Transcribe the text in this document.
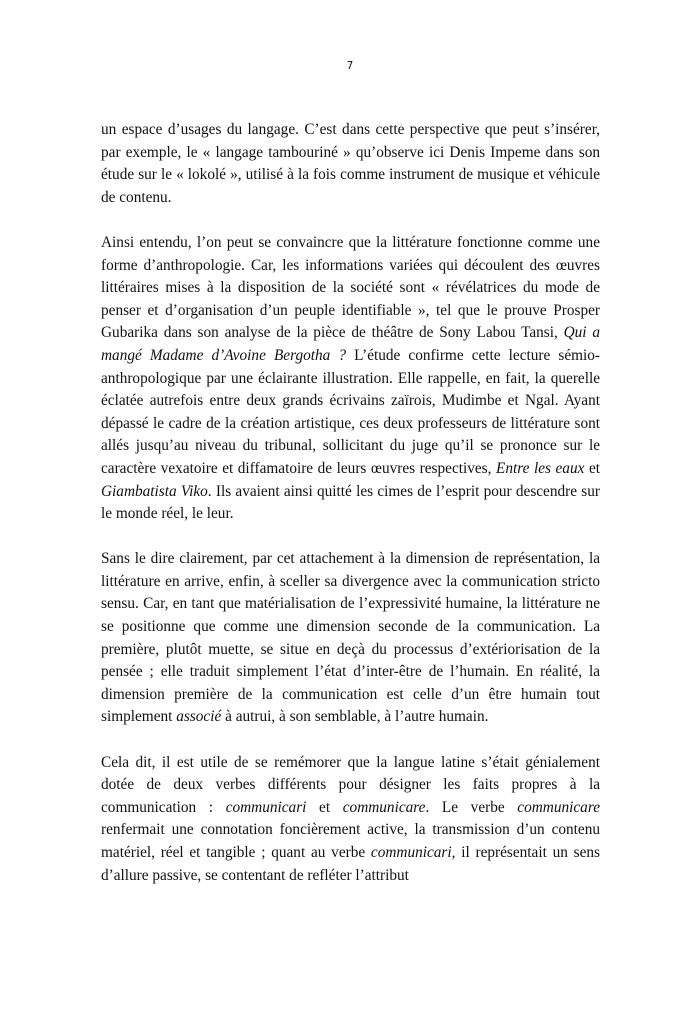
7

un espace d’usages du langage. C’est dans cette perspective que peut s’insérer, par exemple, le « langage tambouriné » qu’observe ici Denis Impeme dans son étude sur le « lokolé », utilisé à la fois comme instrument de musique et véhicule de contenu.

Ainsi entendu, l’on peut se convaincre que la littérature fonctionne comme une forme d’anthropologie. Car, les informations variées qui découlent des œuvres littéraires mises à la disposition de la société sont « révélatrices du mode de penser et d’organisation d’un peuple identifiable », tel que le prouve Prosper Gubarika dans son analyse de la pièce de théâtre de Sony Labou Tansi, Qui a mangé Madame d’Avoine Bergotha ? L’étude confirme cette lecture sémio-anthropologique par une éclairante illustration. Elle rappelle, en fait, la querelle éclatée autrefois entre deux grands écrivains zaïrois, Mudimbe et Ngal. Ayant dépassé le cadre de la création artistique, ces deux professeurs de littérature sont allés jusqu’au niveau du tribunal, sollicitant du juge qu’il se prononce sur le caractère vexatoire et diffamatoire de leurs œuvres respectives, Entre les eaux et Giambatista Viko. Ils avaient ainsi quitté les cimes de l’esprit pour descendre sur le monde réel, le leur.

Sans le dire clairement, par cet attachement à la dimension de représentation, la littérature en arrive, enfin, à sceller sa divergence avec la communication stricto sensu. Car, en tant que matérialisation de l’expressivité humaine, la littérature ne se positionne que comme une dimension seconde de la communication. La première, plutôt muette, se situe en deçà du processus d’extériorisation de la pensée ; elle traduit simplement l’état d’inter-être de l’humain. En réalité, la dimension première de la communication est celle d’un être humain tout simplement associé à autrui, à son semblable, à l’autre humain.

Cela dit, il est utile de se remémorer que la langue latine s’était génialement dotée de deux verbes différents pour désigner les faits propres à la communication : communicari et communicare. Le verbe communicare renfermait une connotation foncièrement active, la transmission d’un contenu matériel, réel et tangible ; quant au verbe communicari, il représentait un sens d’allure passive, se contentant de refléter l’attribut
